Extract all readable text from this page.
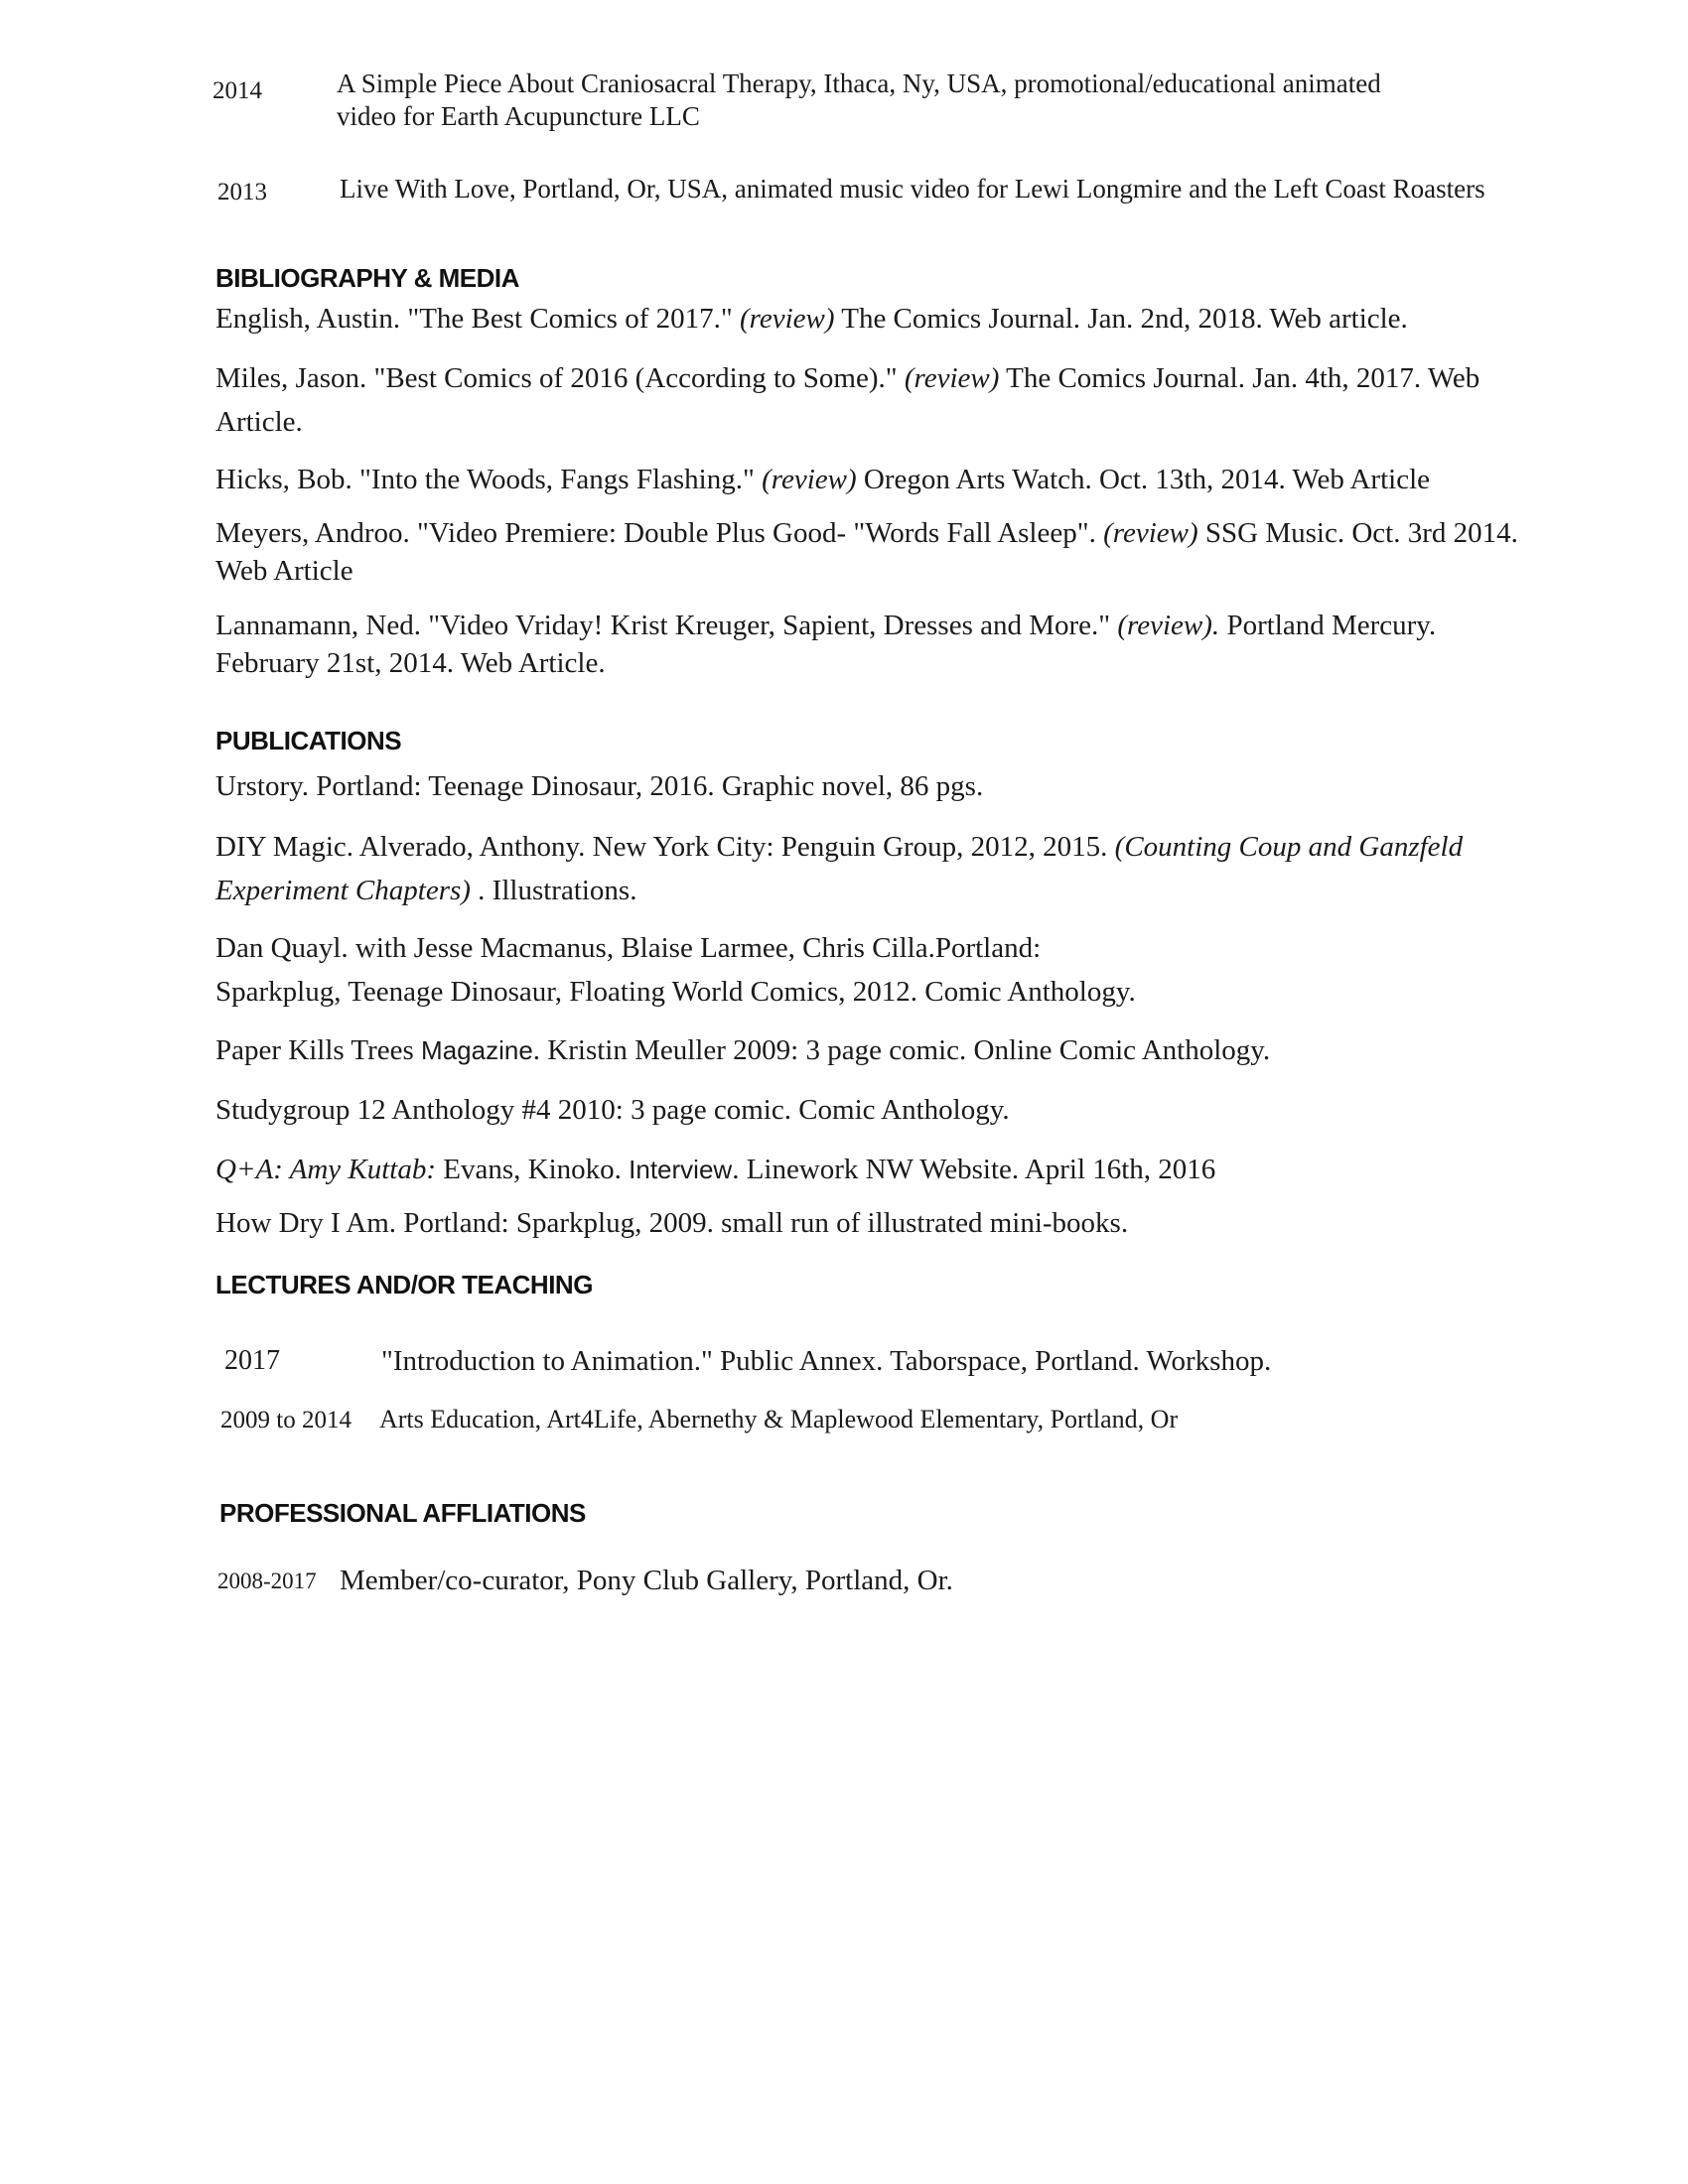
2014	A Simple Piece About Craniosacral Therapy, Ithaca, Ny, USA, promotional/educational animated
video for Earth Acupuncture LLC
2013	Live With Love, Portland, Or, USA, animated music video for Lewi Longmire and the Left Coast Roasters
BIBLIOGRAPHY & MEDIA
English, Austin. "The Best Comics of 2017." (review) The Comics Journal. Jan. 2nd, 2018. Web article.
Miles, Jason. "Best Comics of 2016 (According to Some)." (review) The Comics Journal. Jan. 4th, 2017. Web Article.
Hicks, Bob. "Into the Woods, Fangs Flashing." (review) Oregon Arts Watch. Oct. 13th, 2014. Web Article
Meyers, Androo. "Video Premiere: Double Plus Good- "Words Fall Asleep". (review) SSG Music. Oct. 3rd 2014.
Web Article
Lannamann, Ned. "Video Vriday! Krist Kreuger, Sapient, Dresses and More." (review). Portland Mercury.
February 21st, 2014. Web Article.
PUBLICATIONS
Urstory. Portland: Teenage Dinosaur, 2016. Graphic novel, 86 pgs.
DIY Magic. Alverado, Anthony. New York City: Penguin Group, 2012, 2015. (Counting Coup and Ganzfeld Experiment Chapters) . Illustrations.
Dan Quayl. with Jesse Macmanus, Blaise Larmee, Chris Cilla.Portland:
Sparkplug, Teenage Dinosaur, Floating World Comics, 2012. Comic Anthology.
Paper Kills Trees Magazine. Kristin Meuller 2009: 3 page comic. Online Comic Anthology.
Studygroup 12 Anthology #4 2010: 3 page comic. Comic Anthology.
Q+A: Amy Kuttab: Evans, Kinoko. Interview. Linework NW Website. April 16th, 2016
How Dry I Am. Portland: Sparkplug, 2009. small run of illustrated mini-books.
LECTURES AND/OR TEACHING
2017	"Introduction to Animation." Public Annex. Taborspace, Portland. Workshop.
2009 to 2014 Arts Education, Art4Life, Abernethy & Maplewood Elementary, Portland, Or
PROFESSIONAL AFFLIATIONS
2008-2017 Member/co-curator, Pony Club Gallery, Portland, Or.
